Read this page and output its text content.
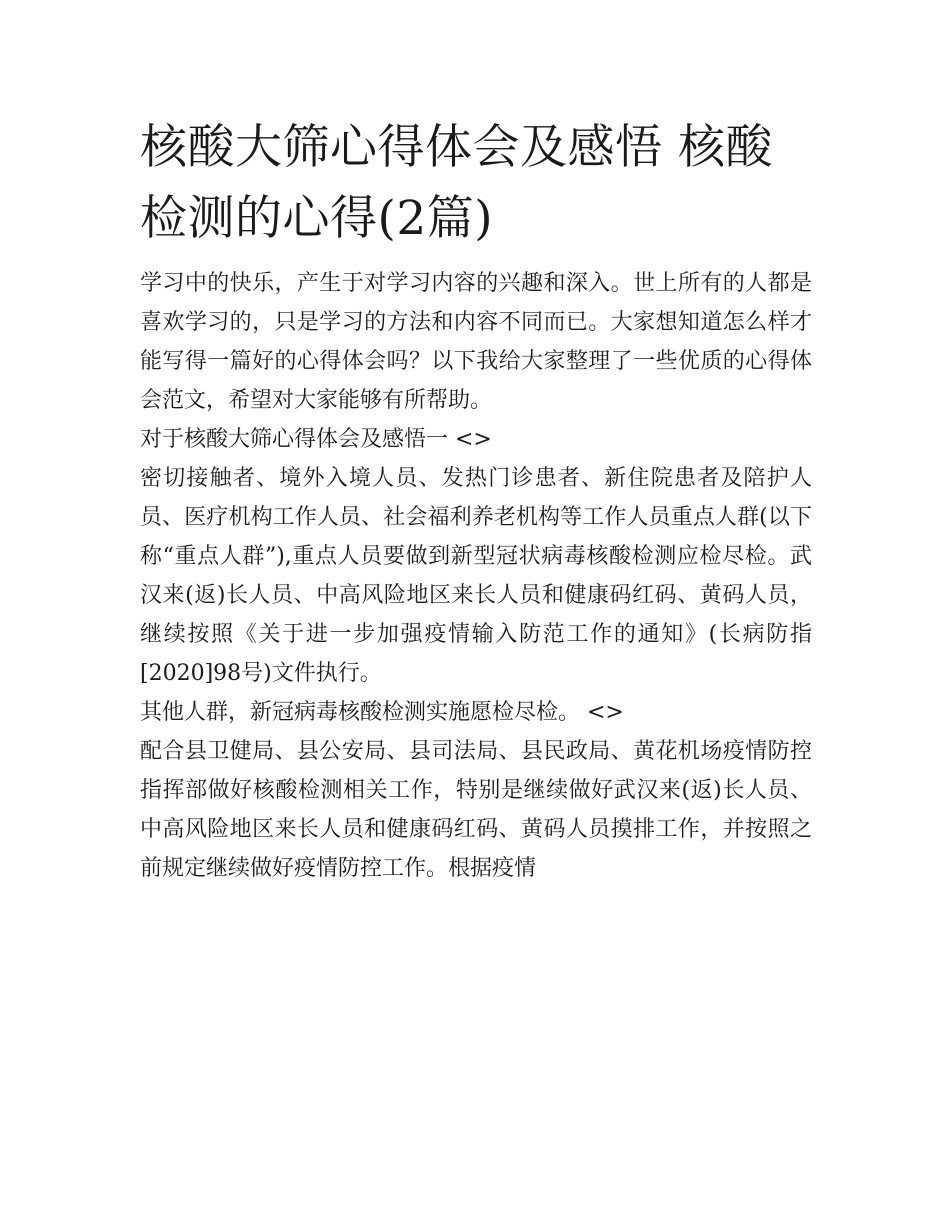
核酸大筛心得体会及感悟 核酸检测的心得(2篇)

学习中的快乐，产生于对学习内容的兴趣和深入。世上所有的人都是喜欢学习的，只是学习的方法和内容不同而已。大家想知道怎么样才能写得一篇好的心得体会吗？以下我给大家整理了一些优质的心得体会范文，希望对大家能够有所帮助。

对于核酸大筛心得体会及感悟一 <>

密切接触者、境外入境人员、发热门诊患者、新住院患者及陪护人员、医疗机构工作人员、社会福利养老机构等工作人员重点人群(以下称“重点人群”),重点人员要做到新型冠状病毒核酸检测应检尽检。武汉来(返)长人员、中高风险地区来长人员和健康码红码、黄码人员，继续按照《关于进一步加强疫情输入防范工作的通知》(长病防指[2020]98号)文件执行。

其他人群，新冠病毒核酸检测实施愿检尽检。 <>

配合县卫健局、县公安局、县司法局、县民政局、黄花机场疫情防控指挥部做好核酸检测相关工作，特别是继续做好武汉来(返)长人员、中高风险地区来长人员和健康码红码、黄码人员摸排工作，并按照之前规定继续做好疫情防控工作。根据疫情
